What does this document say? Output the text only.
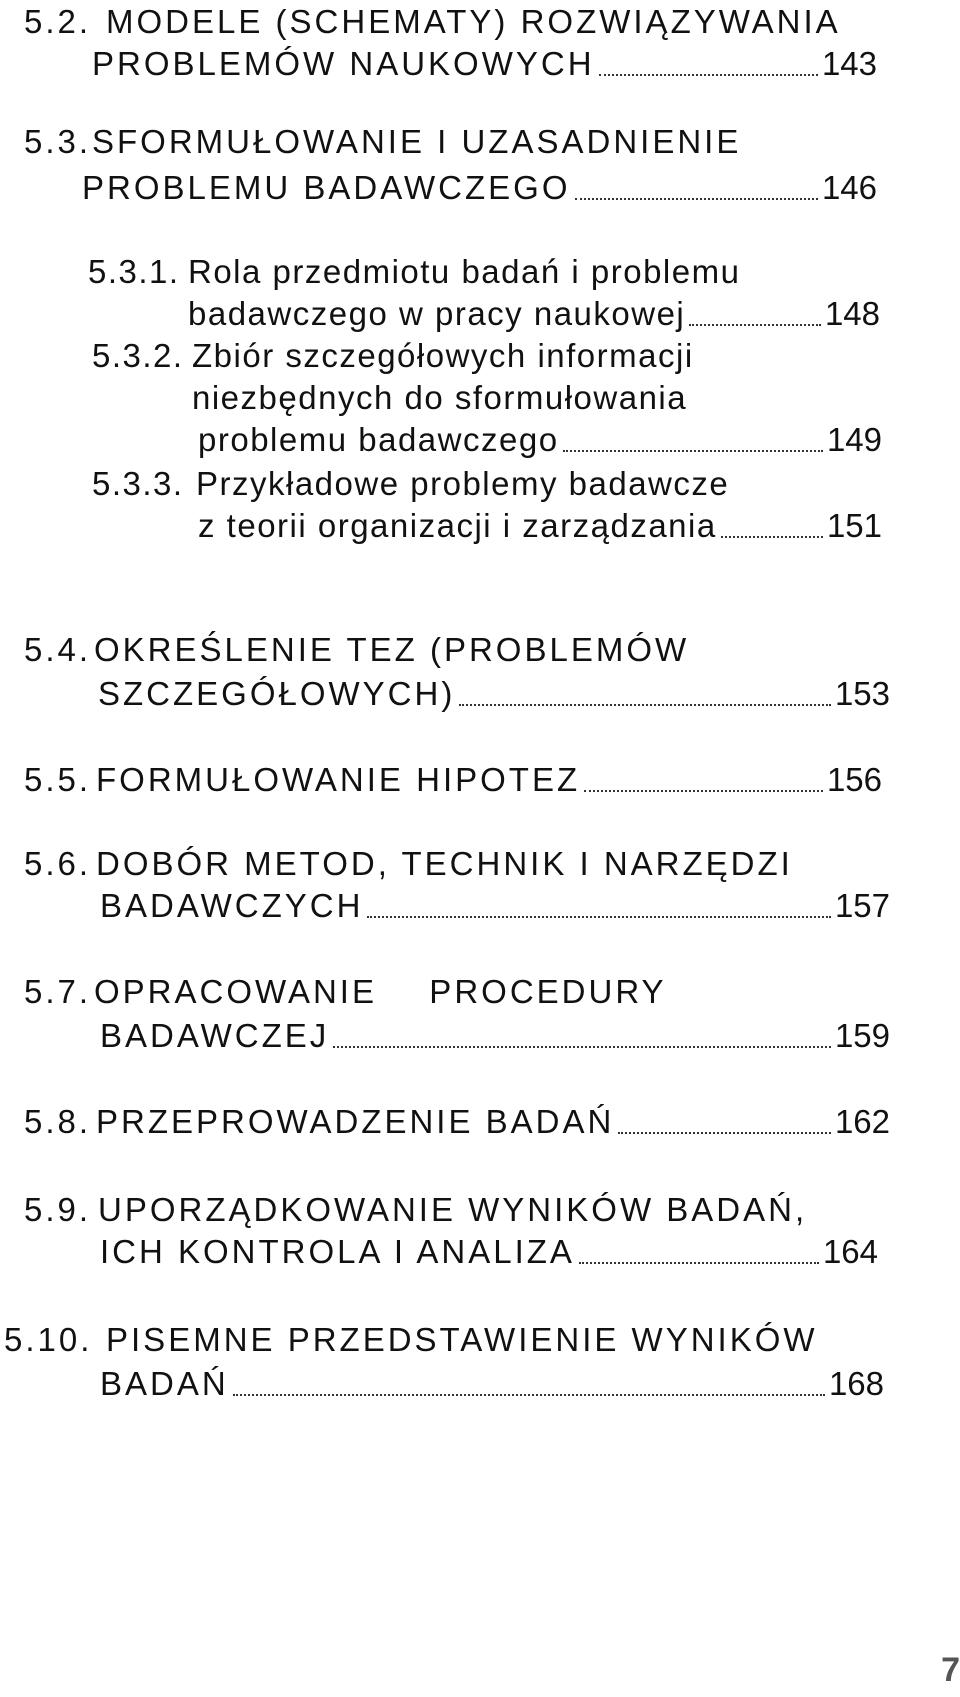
5.2. MODELE (SCHEMATY) ROZWIĄZYWANIA
PROBLEMÓW NAUKOWYCH	143
5.3. SFORMUŁOWANIE I UZASADNIENIE
PROBLEMU BADAWCZEGO	146
5.3.1. Rola przedmiotu badań i problemu
badawczego w pracy naukowej	148
5.3.2. Zbiór szczegółowych informacji
niezbędnych do sformułowania
problemu badawczego	149
5.3.3. Przykładowe problemy badawcze
z teorii organizacji i zarządzania	151
5.4. OKREŚLENIE TEZ (PROBLEMÓW
SZCZEGÓŁOWYCH)	153
5.5. FORMUŁOWANIE HIPOTEZ	156
5.6. DOBÓR METOD, TECHNIK I NARZĘDZI
BADAWCZYCH	157
5.7. OPRACOWANIE  PROCEDURY
BADAWCZEJ	159
5.8. PRZEPROWADZENIE BADAŃ	162
5.9. UPORZĄDKOWANIE WYNIKÓW BADAŃ,
ICH KONTROLA I ANALIZA	164
5.10. PISEMNE PRZEDSTAWIENIE WYNIKÓW
BADAŃ	168
7
